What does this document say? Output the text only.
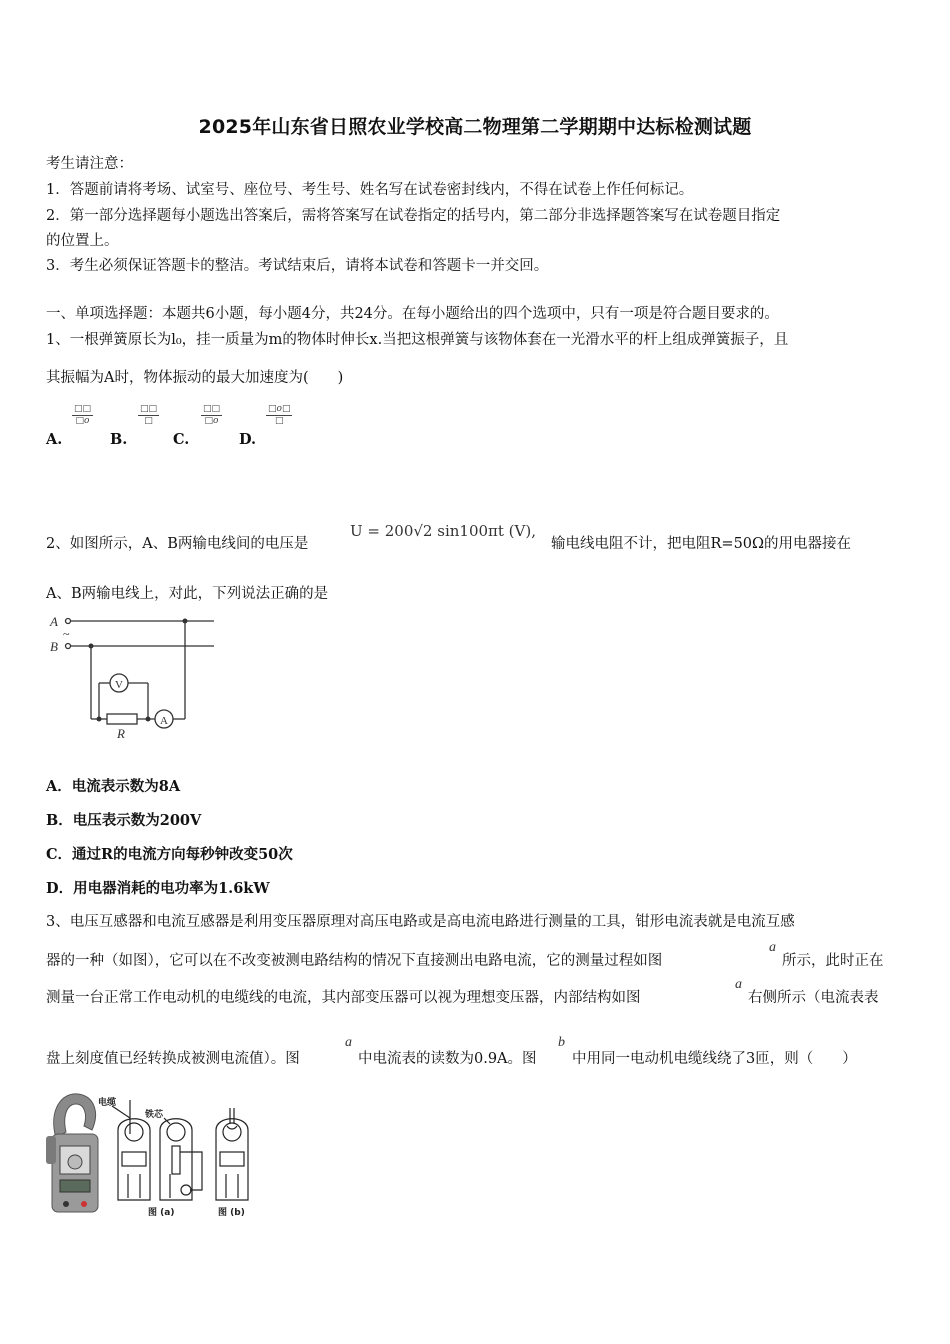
2025年山东省日照农业学校高二物理第二学期期中达标检测试题
考生请注意：
1．答题前请将考场、试室号、座位号、考生号、姓名写在试卷密封线内，不得在试卷上作任何标记。
2．第一部分选择题每小题选出答案后，需将答案写在试卷指定的括号内，第二部分非选择题答案写在试卷题目指定
的位置上。
3．考生必须保证答题卡的整洁。考试结束后，请将本试卷和答题卡一并交回。
一、单项选择题：本题共6小题，每小题4分，共24分。在每小题给出的四个选项中，只有一项是符合题目要求的。
1、一根弹簧原长为l₀，挂一质量为m的物体时伸长x.当把这根弹簧与该物体套在一光滑水平的杆上组成弹簧振子，且
其振幅为A时，物体振动的最大加速度为(　　)
A.
□□
□o
B.
□□
□
C.
□□
□o
D.
□o□
□
2、如图所示，A、B两输电线间的电压是
U = 200√2 sin100πt (V),
输电线电阻不计，把电阻R=50Ω的用电器接在
A、B两输电线上，对此，下列说法正确的是
A
B
~
V
A
R
A．电流表示数为8A
B．电压表示数为200V
C．通过R的电流方向每秒钟改变50次
D．用电器消耗的电功率为1.6kW
3、电压互感器和电流互感器是利用变压器原理对高压电路或是高电流电路进行测量的工具，钳形电流表就是电流互感
器的一种（如图），它可以在不改变被测电路结构的情况下直接测出电路电流，它的测量过程如图
a
所示，此时正在
测量一台正常工作电动机的电缆线的电流，其内部变压器可以视为理想变压器，内部结构如图
a
右侧所示（电流表表
盘上刻度值已经转换成被测电流值）。图
a
中电流表的读数为0.9A。图
b
中用同一电动机电缆线绕了3匝，则（　　）
电缆
铁芯
图 (a)	图 (b)
